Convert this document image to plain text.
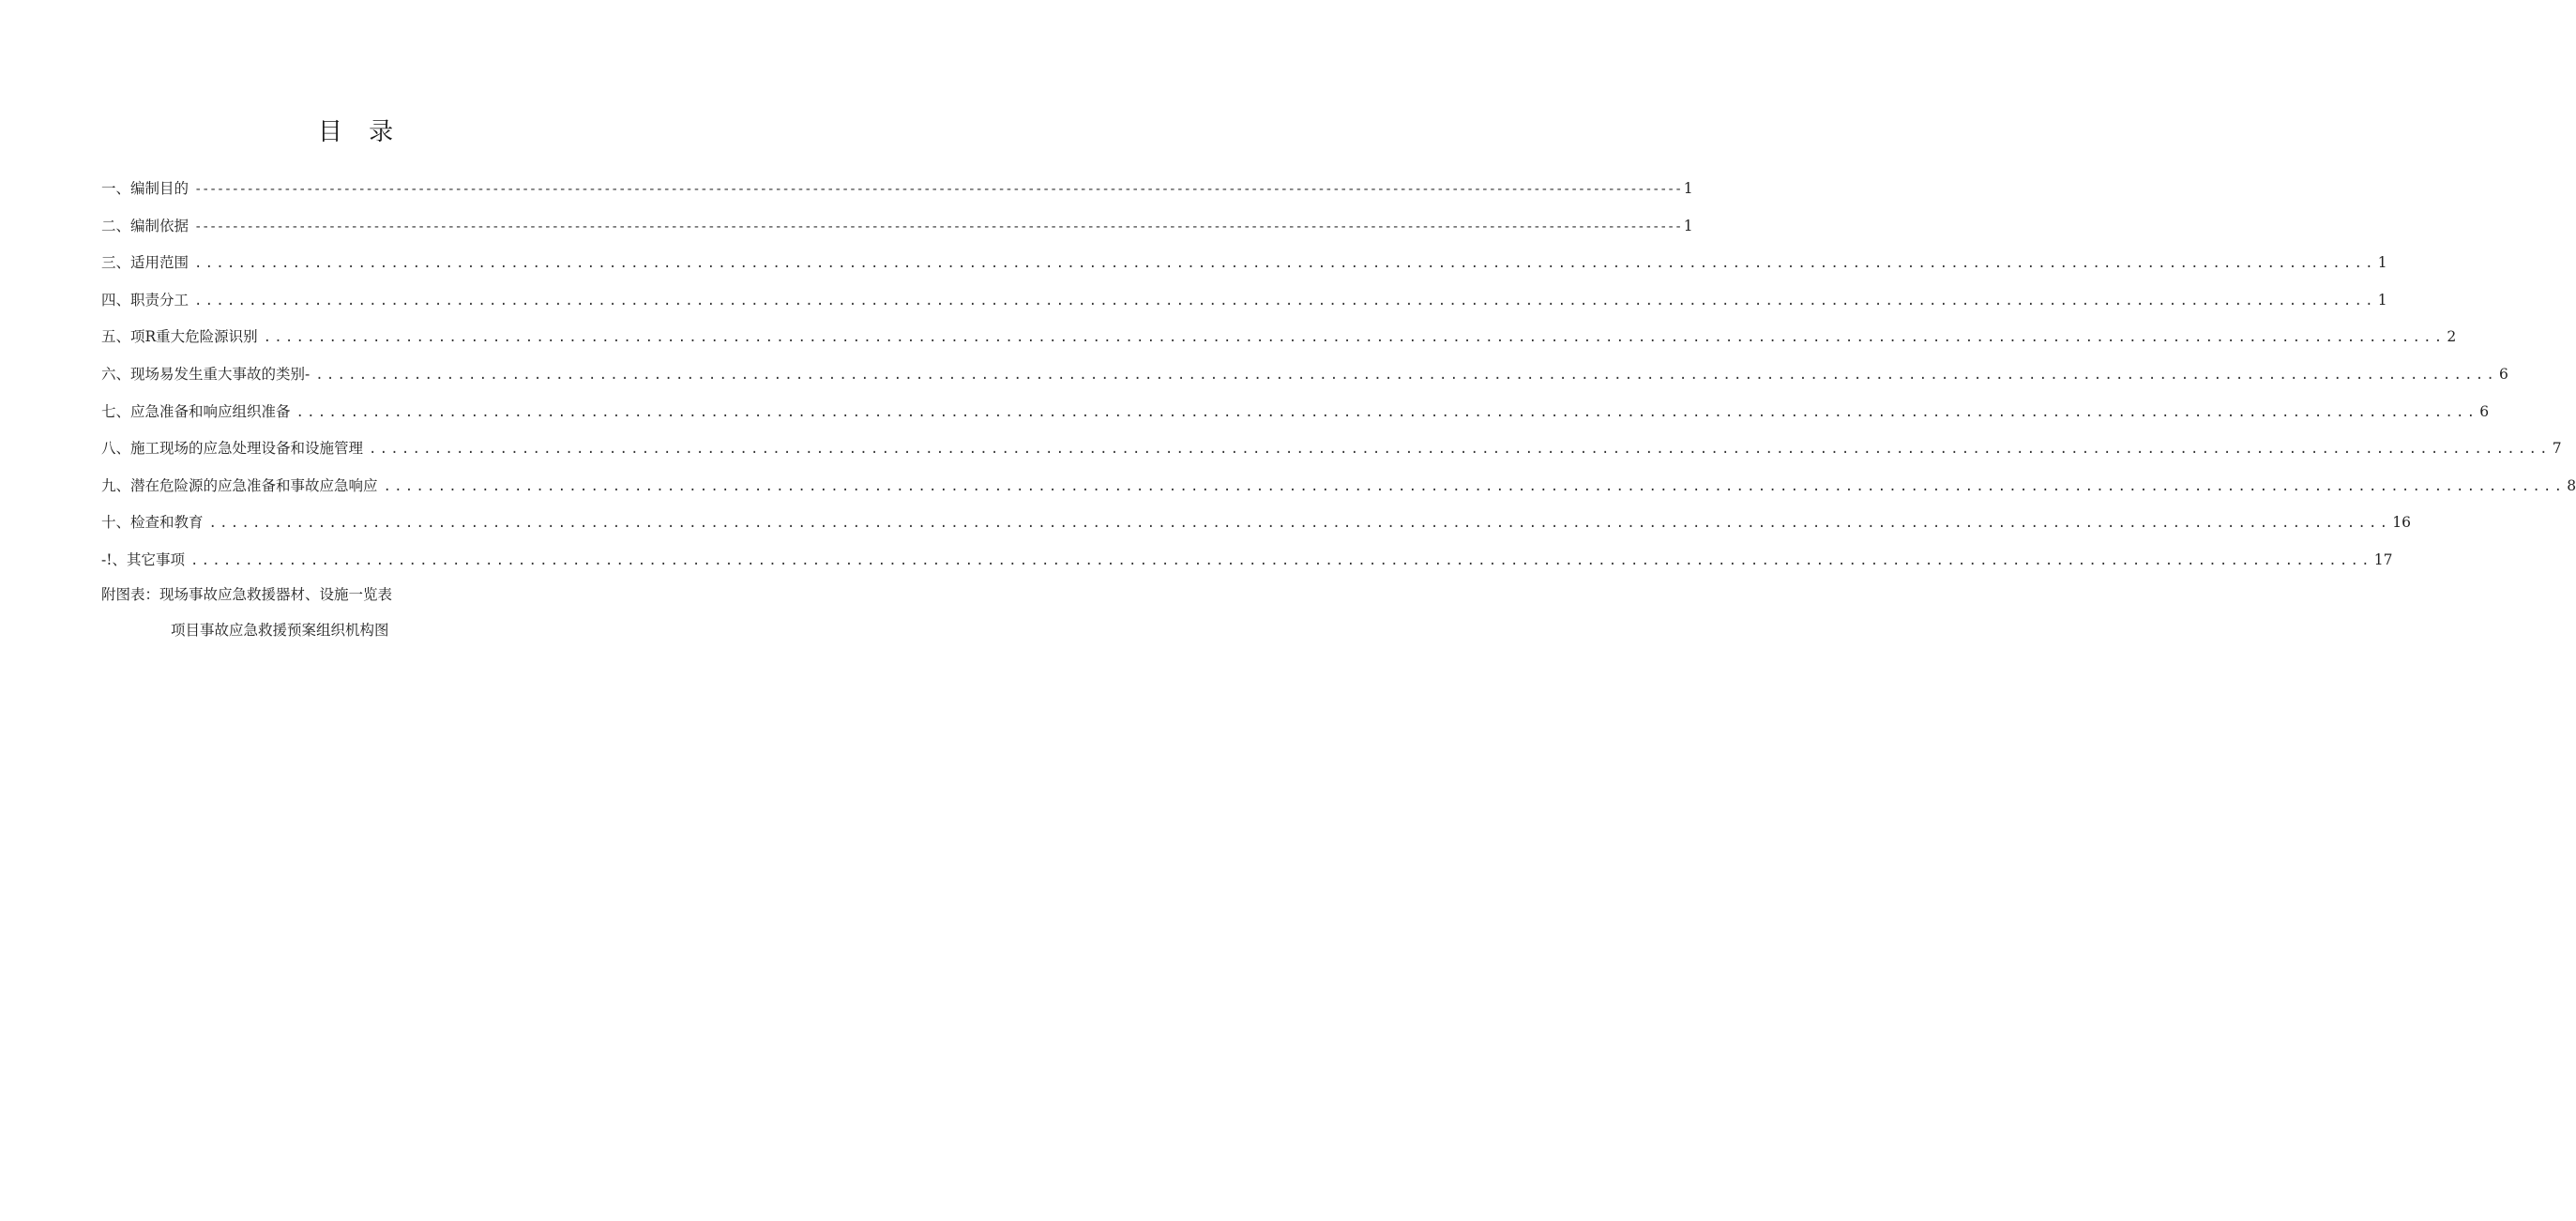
目 录
一、编制目的 -------------------------------------------------------------------------------------------------------------------------------------------------------------------------------------------------------- 1
二、编制依据 -------------------------------------------------------------------------------------------------------------------------------------------------------------------------------------------------------- 1
三、适用范围 ........................................................................................................................................................................................................ 1
四、职责分工 ........................................................................................................................................................................................................ 1
五、项R重大危险源识别 ........................................................................................................................................................................................................ 2
六、现场易发生重大事故的类别- ........................................................................................................................................................................................................ 6
七、应急准备和响应组织准备 ........................................................................................................................................................................................................ 6
八、施工现场的应急处理设备和设施管理 ........................................................................................................................................................................................................ 7
九、潜在危险源的应急准备和事故应急响应 ........................................................................................................................................................................................................ 8
十、检查和教育 ........................................................................................................................................................................................................ 16
-!、其它事项 ........................................................................................................................................................................................................ 17
附图表：现场事故应急救援器材、设施一览表
项目事故应急救援预案组织机构图
